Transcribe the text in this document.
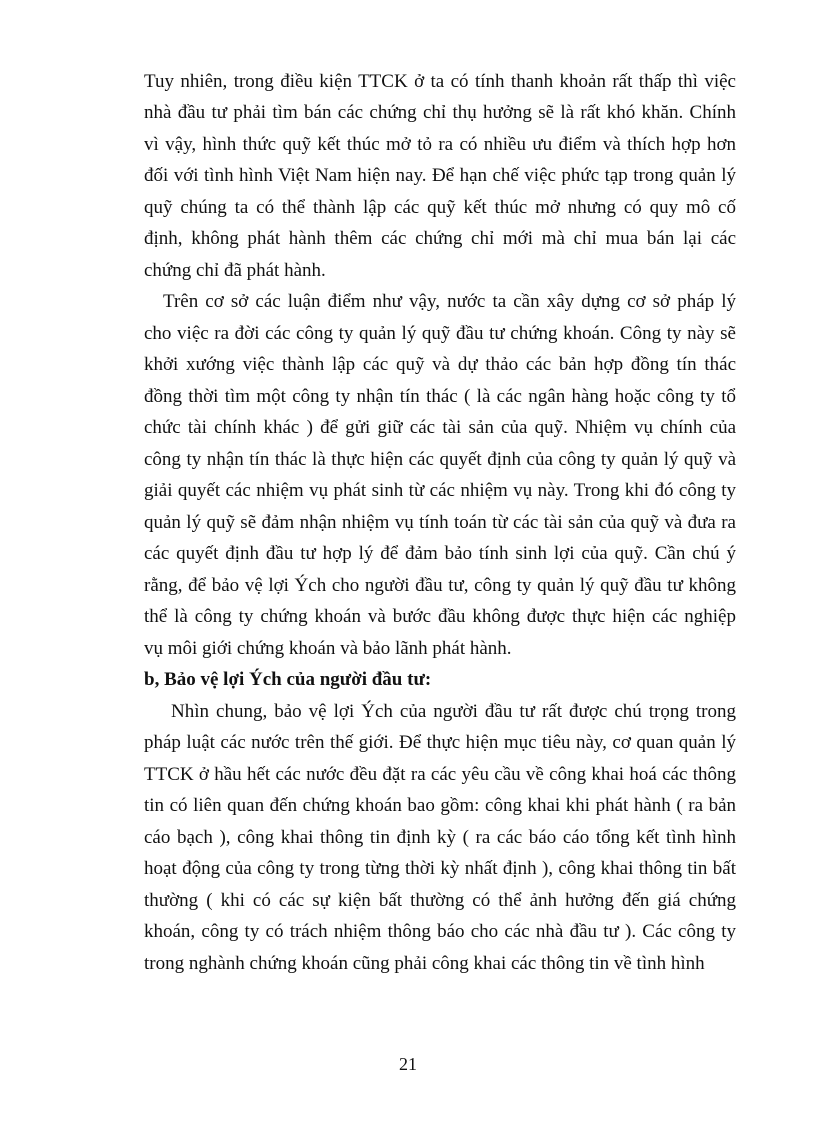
Tuy nhiên, trong điều kiện TTCK ở ta có tính thanh khoản rất thấp thì việc
nhà đầu tư phải tìm bán các chứng chỉ thụ hưởng sẽ là rất khó khăn. Chính
vì vậy, hình thức quỹ kết thúc mở tỏ ra có nhiều ưu điểm và thích hợp hơn
đối với tình hình Việt Nam hiện nay. Để hạn chế việc phức tạp trong quản lý
quỹ chúng ta có thể thành lập các quỹ kết thúc mở nhưng có quy mô cố
định, không phát hành thêm các chứng chỉ mới mà chỉ mua bán lại các
chứng chỉ đã phát hành.
Trên cơ sở các luận điểm như vậy, nước ta cần xây dựng cơ sở pháp lý
cho việc ra đời các công ty quản lý quỹ đầu tư chứng khoán. Công ty này sẽ
khởi xướng việc thành lập các quỹ và dự thảo các bản hợp đồng tín thác
đồng thời tìm một công ty nhận tín thác ( là các ngân hàng hoặc công ty tổ
chức tài chính khác ) để gửi giữ các tài sản của quỹ. Nhiệm vụ chính của
công ty nhận tín thác là thực hiện các quyết định của công ty quản lý quỹ và
giải quyết các nhiệm vụ phát sinh từ các nhiệm vụ này. Trong khi đó công ty
quản lý quỹ sẽ đảm nhận nhiệm vụ tính toán từ các tài sản của quỹ và đưa ra
các quyết định đầu tư hợp lý để đảm bảo tính sinh lợi của quỹ. Cần chú ý
rằng, để bảo vệ lợi Ých cho người đầu tư, công ty quản lý quỹ đầu tư không
thể là công ty chứng khoán và bước đầu không được thực hiện các nghiệp
vụ môi giới chứng khoán và bảo lãnh phát hành.
b, Bảo vệ lợi Ých của người đầu tư:
Nhìn chung, bảo vệ lợi Ých của người đầu tư rất được chú trọng trong
pháp luật các nước trên thế giới. Để thực hiện mục tiêu này, cơ quan quản lý
TTCK ở hầu hết các nước đều đặt ra các yêu cầu về công khai hoá các thông
tin có liên quan đến chứng khoán bao gồm: công khai khi phát hành ( ra bản
cáo bạch ), công khai thông tin định kỳ ( ra các báo cáo tổng kết tình hình
hoạt động của công ty trong từng thời kỳ nhất định ), công khai thông tin bất
thường ( khi có các sự kiện bất thường có thể ảnh hưởng đến giá chứng
khoán, công ty có trách nhiệm thông báo cho các nhà đầu tư ). Các công ty
trong nghành chứng khoán cũng phải công khai các thông tin về tình hình
21
